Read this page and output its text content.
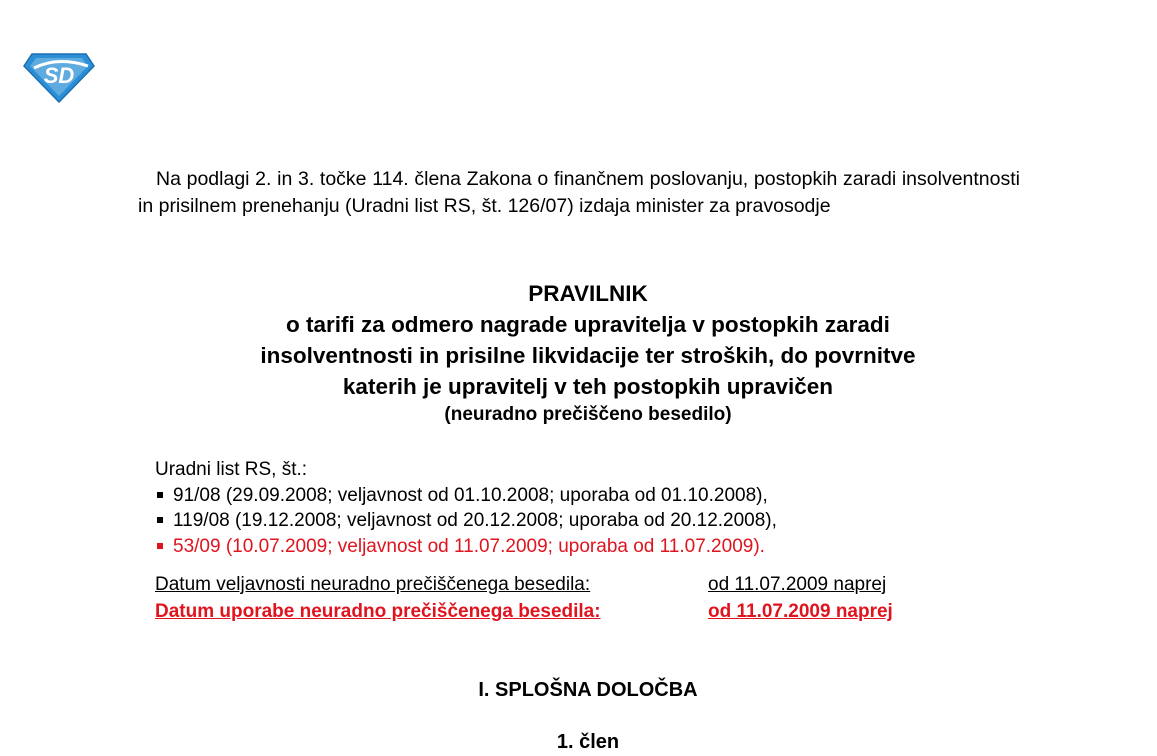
SD

Na podlagi 2. in 3. točke 114. člena Zakona o finančnem poslovanju, postopkih zaradi insolventnosti in prisilnem prenehanju (Uradni list RS, št. 126/07) izdaja minister za pravosodje

PRAVILNIK
o tarifi za odmero nagrade upravitelja v postopkih zaradi
insolventnosti in prisilne likvidacije ter stroških, do povrnitve
katerih je upravitelj v teh postopkih upravičen
(neuradno prečiščeno besedilo)
Uradni list RS, št.:
91/08 (29.09.2008; veljavnost od 01.10.2008; uporaba od 01.10.2008),
119/08 (19.12.2008; veljavnost od 20.12.2008; uporaba od 20.12.2008),
53/09 (10.07.2009; veljavnost od 11.07.2009; uporaba od 11.07.2009).
Datum veljavnosti neuradno prečiščenega besedila:	od 11.07.2009 naprej
Datum uporabe neuradno prečiščenega besedila:	od 11.07.2009 naprej
I. SPLOŠNA DOLOČBA
1. člen
